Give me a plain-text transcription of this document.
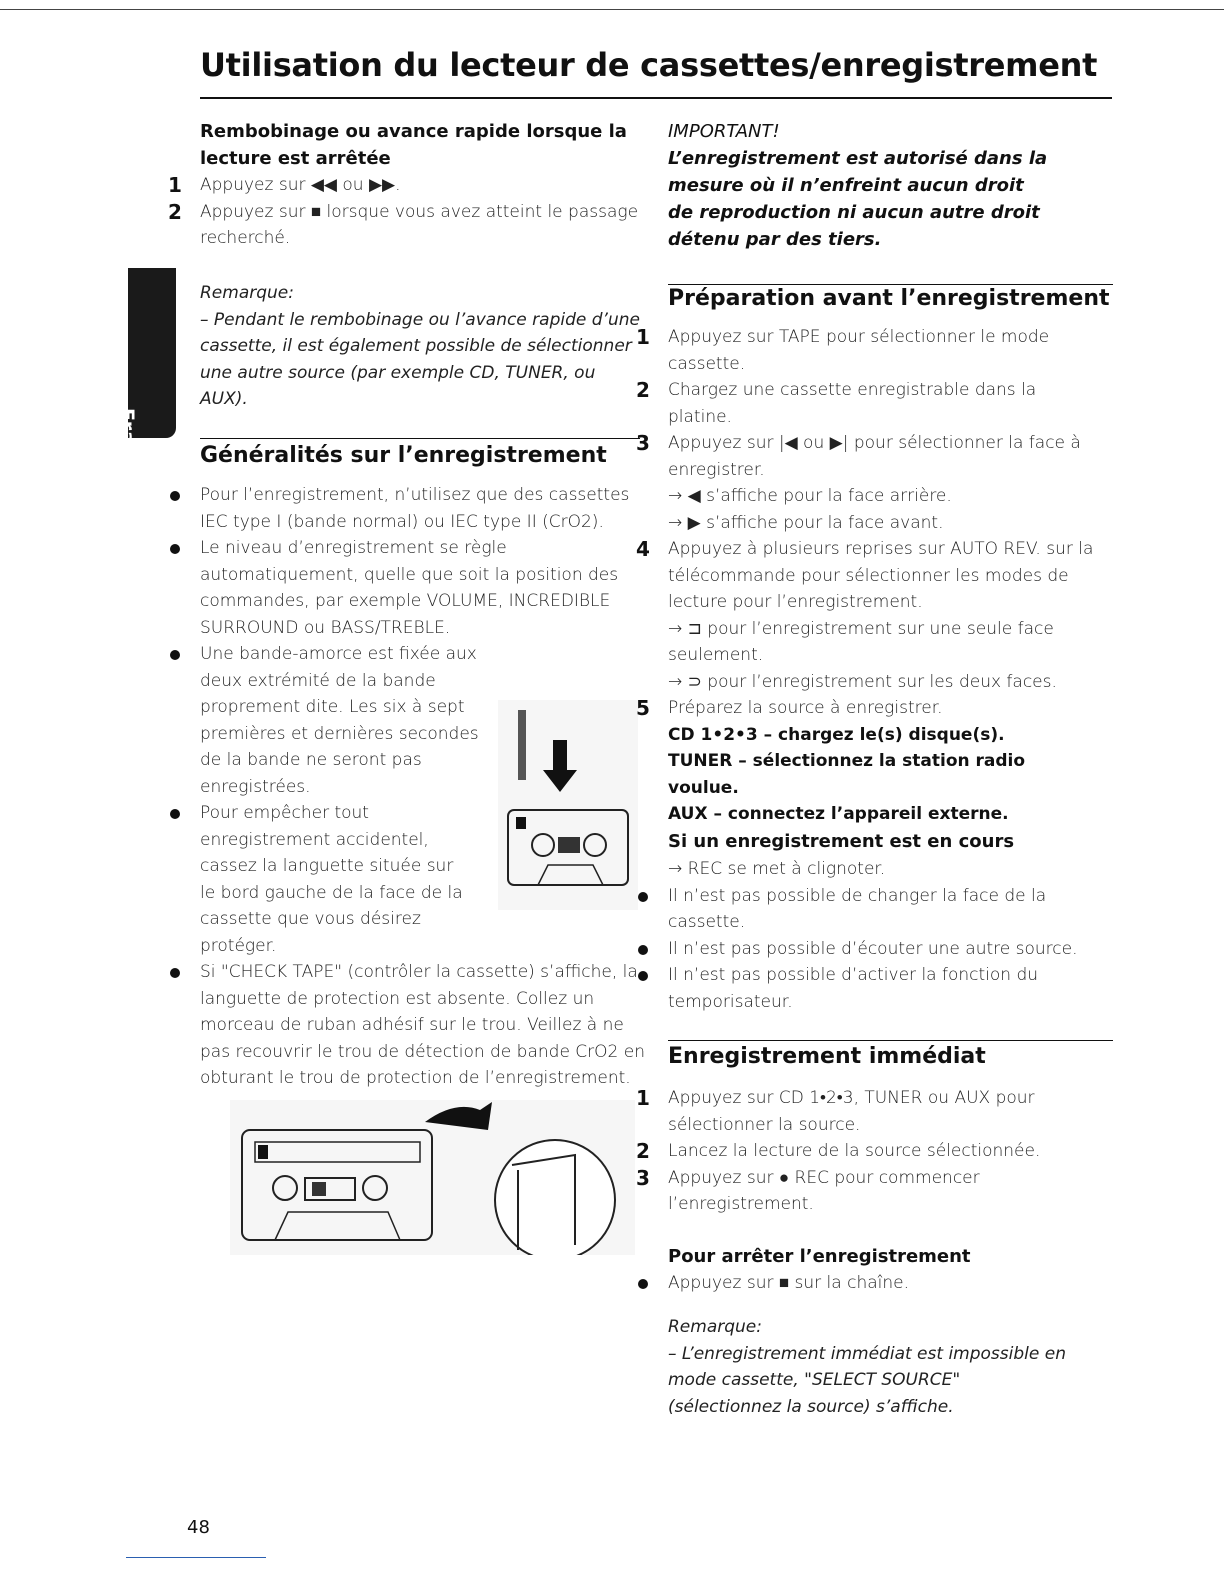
Utilisation du lecteur de cassettes/enregistrement
Français
Rembobinage ou avance rapide lorsque la lecture est arrêtée
1 Appuyez sur ◀◀ ou ▶▶.
2 Appuyez sur ■ lorsque vous avez atteint le passage recherché.
Remarque:
– Pendant le rembobinage ou l’avance rapide d’une cassette, il est également possible de sélectionner une autre source (par exemple CD, TUNER, ou AUX).
Généralités sur l’enregistrement
Pour l’enregistrement, n’utilisez que des cassettes IEC type I (bande normal) ou IEC type II (CrO2).
Le niveau d’enregistrement se règle automatiquement, quelle que soit la position des commandes, par exemple VOLUME, INCREDIBLE SURROUND ou BASS/TREBLE.
Une bande-amorce est fixée aux deux extrémité de la bande proprement dite. Les six à sept premières et dernières secondes de la bande ne seront pas enregistrées.
Pour empêcher tout enregistrement accidentel, cassez la languette située sur le bord gauche de la face de la cassette que vous désirez protéger.
Si "CHECK TAPE" (contrôler la cassette) s’affiche, la languette de protection est absente. Collez un morceau de ruban adhésif sur le trou. Veillez à ne pas recouvrir le trou de détection de bande CrO2 en obturant le trou de protection de l’enregistrement.
IMPORTANT!
L’enregistrement est autorisé dans la mesure où il n’enfreint aucun droit de reproduction ni aucun autre droit détenu par des tiers.
Préparation avant l’enregistrement
1 Appuyez sur TAPE pour sélectionner le mode cassette.
2 Chargez une cassette enregistrable dans la platine.
3 Appuyez sur |◀ ou ▶| pour sélectionner la face à enregistrer.
→ ◀ s’affiche pour la face arrière.
→ ▶ s’affiche pour la face avant.
4 Appuyez à plusieurs reprises sur AUTO REV. sur la télécommande pour sélectionner les modes de lecture pour l’enregistrement.
→ ⊐ pour l’enregistrement sur une seule face seulement.
→ ⊃ pour l’enregistrement sur les deux faces.
5 Préparez la source à enregistrer.
CD 1•2•3 – chargez le(s) disque(s).
TUNER – sélectionnez la station radio voulue.
AUX – connectez l’appareil externe.
Si un enregistrement est en cours
→ REC se met à clignoter.
Il n’est pas possible de changer la face de la cassette.
Il n’est pas possible d’écouter une autre source.
Il n’est pas possible d’activer la fonction du temporisateur.
Enregistrement immédiat
1 Appuyez sur CD 1•2•3, TUNER ou AUX pour sélectionner la source.
2 Lancez la lecture de la source sélectionnée.
3 Appuyez sur ● REC pour commencer l’enregistrement.
Pour arrêter l’enregistrement
Appuyez sur ■ sur la chaîne.
Remarque:
– L’enregistrement immédiat est impossible en mode cassette, "SELECT SOURCE" (sélectionnez la source) s’affiche.
48
